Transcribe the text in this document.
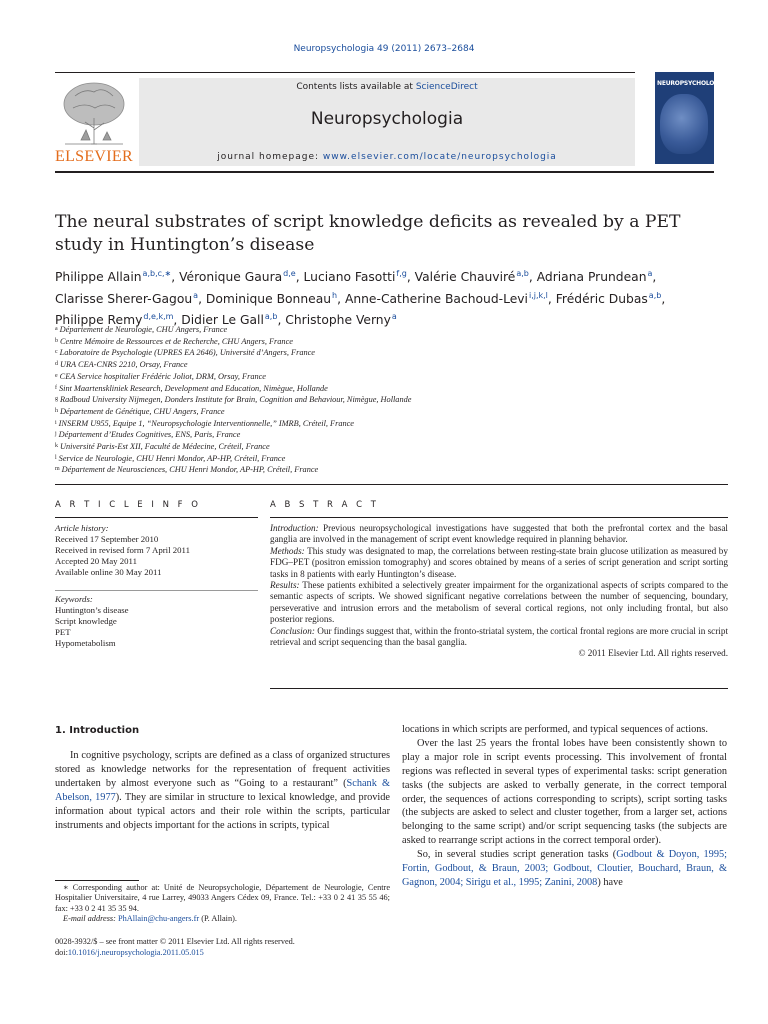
Neuropsychologia 49 (2011) 2673–2684
ELSEVIER
Contents lists available at ScienceDirect
Neuropsychologia
journal homepage: www.elsevier.com/locate/neuropsychologia
NEUROPSYCHOLOGIA
The neural substrates of script knowledge deficits as revealed by a PET study in Huntington’s disease
Philippe Allain$^{a,b,c,∗}$, Véronique Gaura$^{d,e}$, Luciano Fasotti$^{f,g}$, Valérie Chauviré$^{a,b}$, Adriana Prundean$^a$,
Clarisse Sherer-Gagou$^a$, Dominique Bonneau$^h$, Anne-Catherine Bachoud-Levi$^{i,j,k,l}$, Frédéric Dubas$^{a,b}$,
Philippe Remy$^{d,e,k,m}$, Didier Le Gall$^{a,b}$, Christophe Verny$^a$
$^a$ Département de Neurologie, CHU Angers, France
$^b$ Centre Mémoire de Ressources et de Recherche, CHU Angers, France
$^c$ Laboratoire de Psychologie (UPRES EA 2646), Université d’Angers, France
$^d$ URA CEA-CNRS 2210, Orsay, France
$^e$ CEA Service hospitalier Frédéric Joliot, DRM, Orsay, France
$^f$ Sint Maartenskliniek Research, Development and Education, Nimègue, Hollande
$^g$ Radboud University Nijmegen, Donders Institute for Brain, Cognition and Behaviour, Nimègue, Hollande
$^h$ Département de Génétique, CHU Angers, France
$^i$ INSERM U955, Equipe 1, “Neuropsychologie Interventionnelle,” IMRB, Créteil, France
$^j$ Département d’Etudes Cognitives, ENS, Paris, France
$^k$ Université Paris-Est XII, Faculté de Médecine, Créteil, France
$^l$ Service de Neurologie, CHU Henri Mondor, AP-HP, Créteil, France
$^m$ Département de Neurosciences, CHU Henri Mondor, AP-HP, Créteil, France
A R T I C L E I N F O
Article history:
Received 17 September 2010
Received in revised form 7 April 2011
Accepted 20 May 2011
Available online 30 May 2011
Keywords:
Huntington’s disease
Script knowledge
PET
Hypometabolism
A B S T R A C T
Introduction: Previous neuropsychological investigations have suggested that both the prefrontal cortex and the basal ganglia are involved in the management of script event knowledge required in planning behavior.
Methods: This study was designated to map, the correlations between resting-state brain glucose utilization as measured by FDG–PET (positron emission tomography) and scores obtained by means of a series of script generation and script sorting tasks in 8 patients with early Huntington’s disease.
Results: These patients exhibited a selectively greater impairment for the organizational aspects of scripts compared to the semantic aspects of scripts. We showed significant negative correlations between the number of sequencing, boundary, perseverative and intrusion errors and the metabolism of several cortical regions, not only including frontal, but also posterior regions.
Conclusion: Our findings suggest that, within the fronto-striatal system, the cortical frontal regions are more crucial in script retrieval and script sequencing than the basal ganglia.
© 2011 Elsevier Ltd. All rights reserved.
1. Introduction

In cognitive psychology, scripts are defined as a class of organized structures stored as knowledge networks for the representation of frequent activities undertaken by almost everyone such as “Going to a restaurant” (Schank & Abelson, 1977). They are similar in structure to lexical knowledge, and provide information about typical actors and their role within the scripts, particular instruments and objects important for the actions in scripts, typical

locations in which scripts are performed, and typical sequences of actions.

Over the last 25 years the frontal lobes have been consistently shown to play a major role in script events processing. This involvement of frontal regions was reflected in several types of experimental tasks: script generation tasks (the subjects are asked to verbally generate, in the correct temporal order, the sequences of actions corresponding to scripts), script sorting tasks (the subjects are asked to select and cluster together, from a larger set, actions belonging to the same script) and/or script sequencing tasks (the subjects are asked to rearrange script actions in the correct temporal order).

So, in several studies script generation tasks (Godbout & Doyon, 1995; Fortin, Godbout, & Braun, 2003; Godbout, Cloutier, Bouchard, Braun, & Gagnon, 2004; Sirigu et al., 1995; Zanini, 2008) have

∗ Corresponding author at: Unité de Neuropsychologie, Département de Neurologie, Centre Hospitalier Universitaire, 4 rue Larrey, 49033 Angers Cédex 09, France. Tel.: +33 0 2 41 35 55 46; fax: +33 0 2 41 35 35 94.

E-mail address: PhAllain@chu-angers.fr (P. Allain).

0028-3932/$ – see front matter © 2011 Elsevier Ltd. All rights reserved.
doi:10.1016/j.neuropsychologia.2011.05.015
